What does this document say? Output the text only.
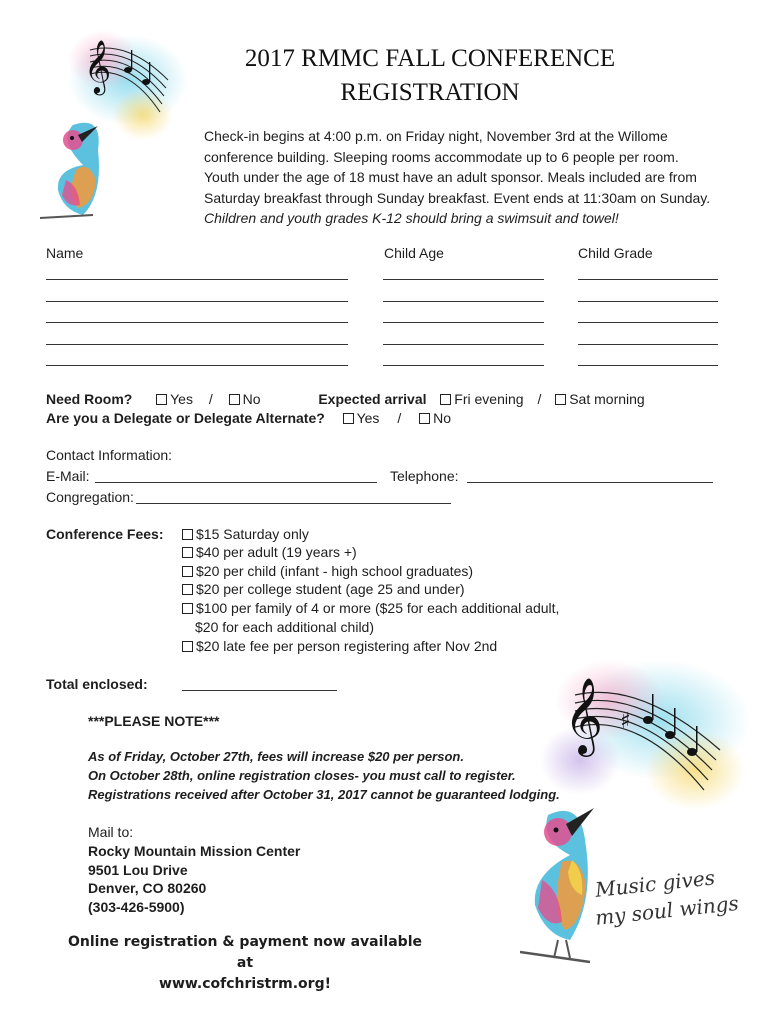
𝄞	2017 RMMC FALL CONFERENCE
REGISTRATION
Check-in begins at 4:00 p.m. on Friday night, November 3rd at the Willome
conference building. Sleeping rooms accommodate up to 6 people per room.
Youth under the age of 18 must have an adult sponsor. Meals included are from
Saturday breakfast through Sunday breakfast. Event ends at 11:30am on Sunday.
Children and youth grades K-12 should bring a swimsuit and towel!
Name	Child Age	Child Grade
Need Room?	Yes / No	Expected arrival Fri evening / Sat morning
Are you a Delegate or Delegate Alternate? Yes / No
Contact Information:
E-Mail:	Telephone:
Congregation:
Conference Fees:	$15 Saturday only
$40 per adult (19 years +)
$20 per child (infant - high school graduates)
$20 per college student (age 25 and under)
$100 per family of 4 or more ($25 for each additional adult,
$20 for each additional child)
$20 late fee per person registering after Nov 2nd
Total enclosed:
***PLEASE NOTE***
As of Friday, October 27th, fees will increase $20 per person.
On October 28th, online registration closes- you must call to register.
Registrations received after October 31, 2017 cannot be guaranteed lodging.
Mail to:
Rocky Mountain Mission Center
9501 Lou Drive
Denver, CO 80260
(303-426-5900)
Online registration & payment now available at
www.cofchristrm.org!
𝄞 ♯
Music gives
my soul wings
